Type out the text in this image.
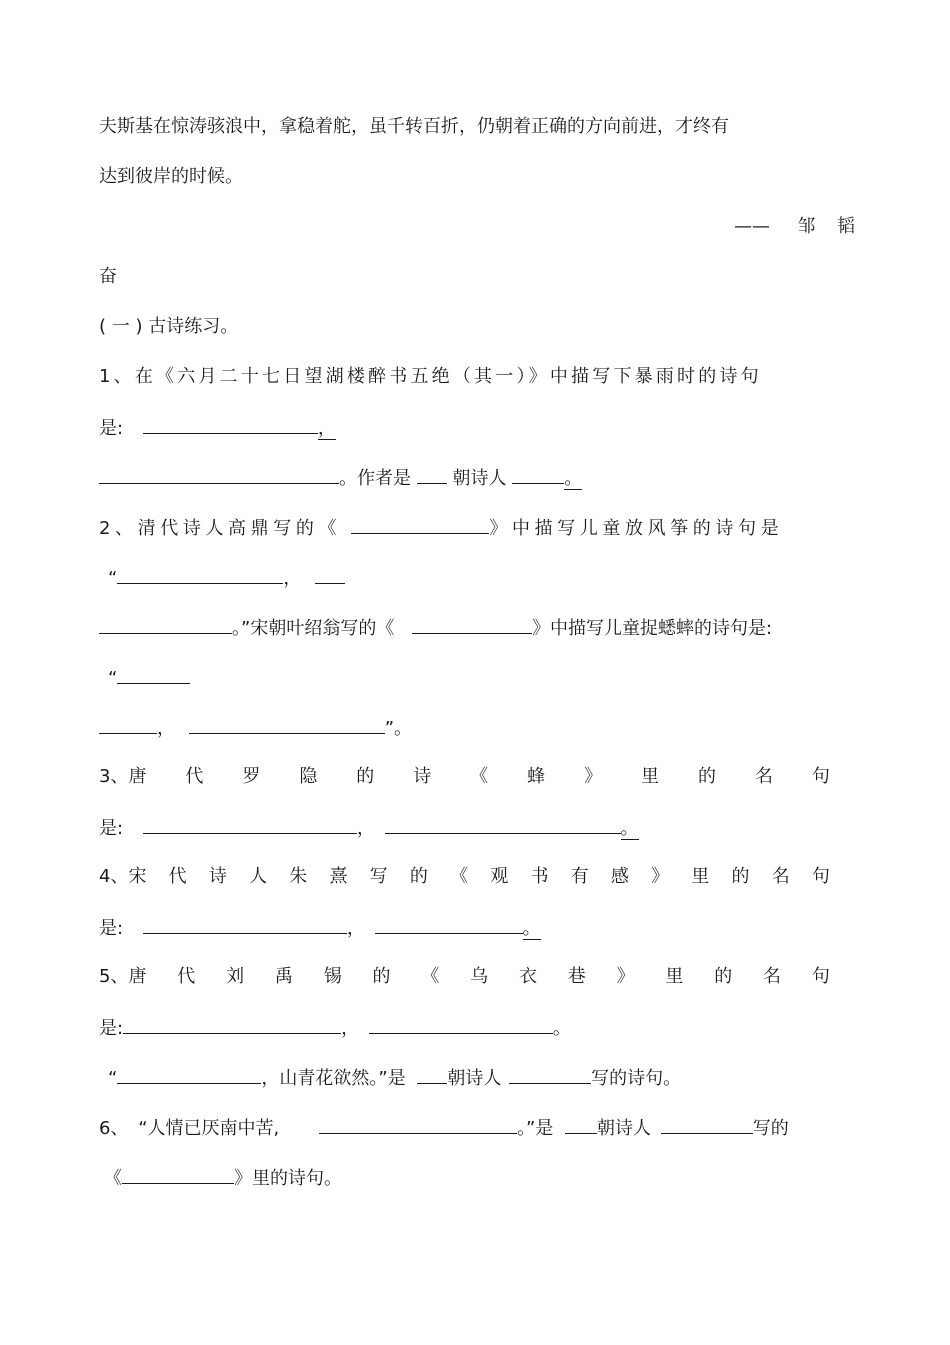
夫斯基在惊涛骇浪中，拿稳着舵，虽千转百折，仍朝着正确的方向前进，才终有
达到彼岸的时候。
—— 邹 韬
奋
( 一 ) 古诗练习。
1、在《六月二十七日望湖楼醉书五绝（其一）》中描写下暴雨时的诗句
是:	，
。作者是 朝诗人	。
2、清代诗人高鼎写的《	》中描写儿童放风筝的诗句是
“	，
。”宋朝叶绍翁写的《	》中描写儿童捉蟋蟀的诗句是:
“
，	”。
3、唐 代 罗 隐 的 诗 《 蜂 》 里 的 名 句
是:	，	。
4、宋 代 诗 人 朱 熹 写 的 《 观 书 有 感 》 里 的 名 句
是:	，	。
5、唐 代 刘 禹 锡 的 《 乌 衣 巷 》 里 的 名 句
是:	，	。
“	，山青花欲然。”是 朝诗人	写的诗句。
6、 “人情已厌南中苦,	。”是 朝诗人	写的
《	》里的诗句。
